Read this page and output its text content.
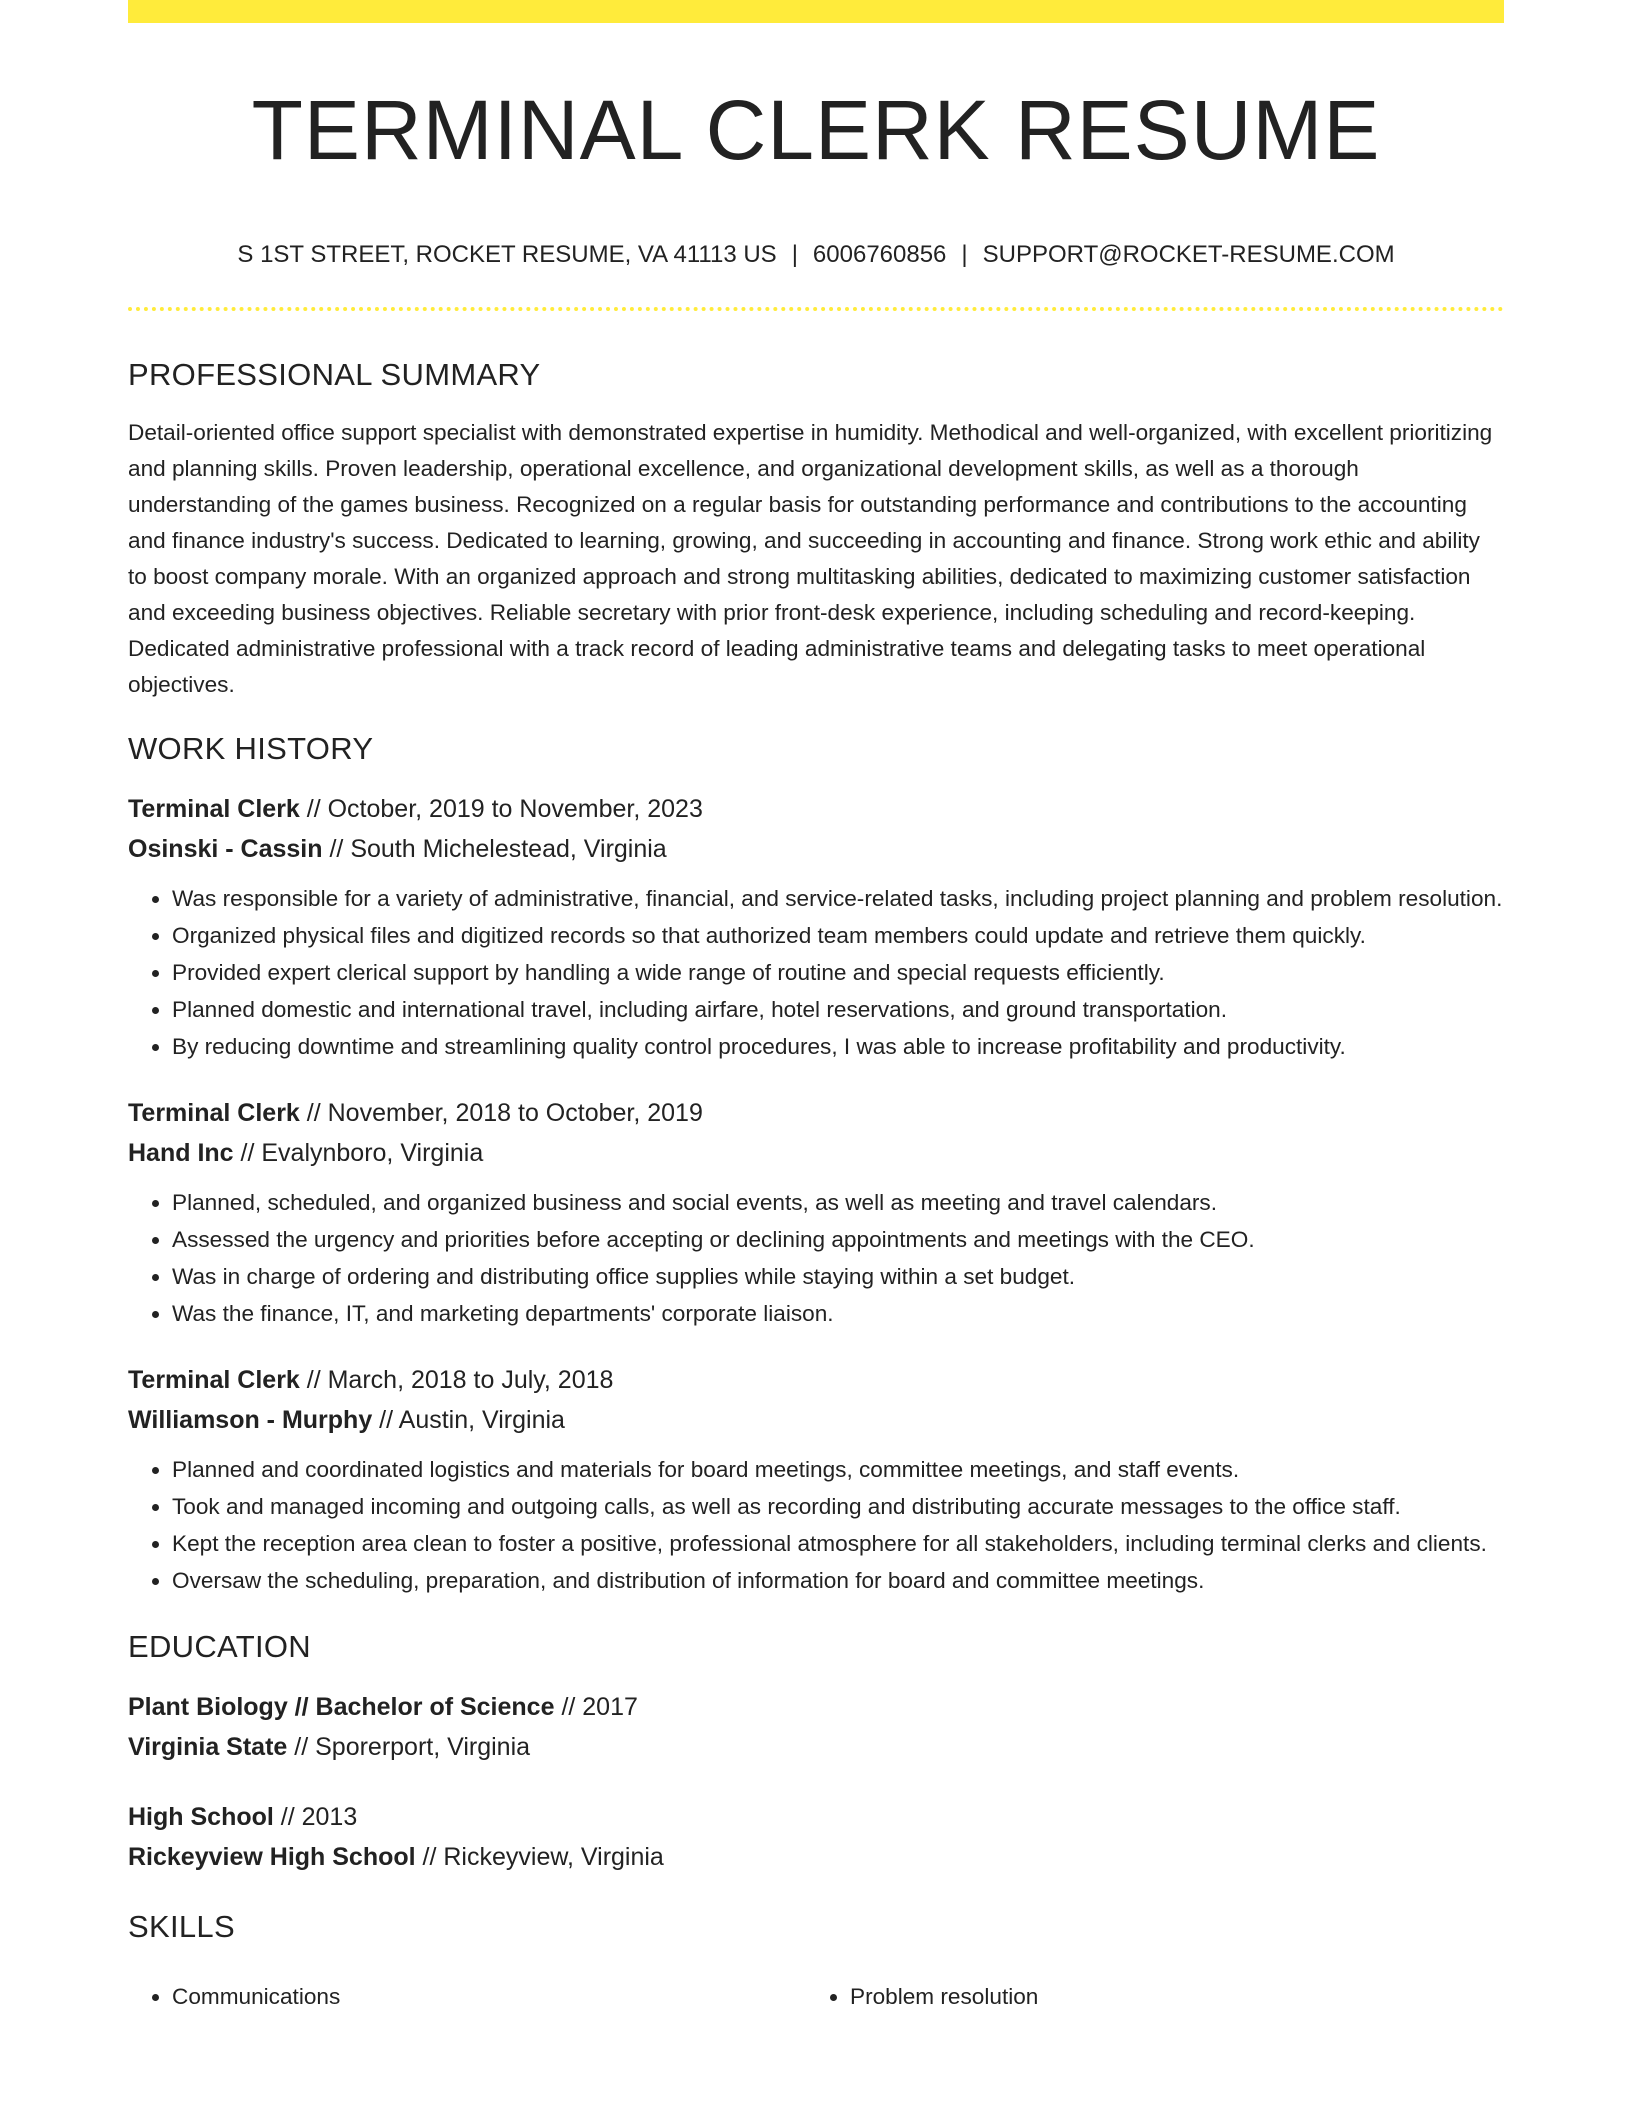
TERMINAL CLERK RESUME
S 1ST STREET, ROCKET RESUME, VA 41113 US | 6006760856 | SUPPORT@ROCKET-RESUME.COM
PROFESSIONAL SUMMARY

Detail-oriented office support specialist with demonstrated expertise in humidity. Methodical and well-organized, with excellent prioritizing and planning skills. Proven leadership, operational excellence, and organizational development skills, as well as a thorough understanding of the games business. Recognized on a regular basis for outstanding performance and contributions to the accounting and finance industry's success. Dedicated to learning, growing, and succeeding in accounting and finance. Strong work ethic and ability to boost company morale. With an organized approach and strong multitasking abilities, dedicated to maximizing customer satisfaction and exceeding business objectives. Reliable secretary with prior front-desk experience, including scheduling and record-keeping. Dedicated administrative professional with a track record of leading administrative teams and delegating tasks to meet operational objectives.

WORK HISTORY
Terminal Clerk // October, 2019 to November, 2023
Osinski - Cassin // South Michelestead, Virginia
• Was responsible for a variety of administrative, financial, and service-related tasks, including project planning and problem resolution.
• Organized physical files and digitized records so that authorized team members could update and retrieve them quickly.
• Provided expert clerical support by handling a wide range of routine and special requests efficiently.
• Planned domestic and international travel, including airfare, hotel reservations, and ground transportation.
• By reducing downtime and streamlining quality control procedures, I was able to increase profitability and productivity.
Terminal Clerk // November, 2018 to October, 2019
Hand Inc // Evalynboro, Virginia
• Planned, scheduled, and organized business and social events, as well as meeting and travel calendars.
• Assessed the urgency and priorities before accepting or declining appointments and meetings with the CEO.
• Was in charge of ordering and distributing office supplies while staying within a set budget.
• Was the finance, IT, and marketing departments' corporate liaison.
Terminal Clerk // March, 2018 to July, 2018
Williamson - Murphy // Austin, Virginia
• Planned and coordinated logistics and materials for board meetings, committee meetings, and staff events.
• Took and managed incoming and outgoing calls, as well as recording and distributing accurate messages to the office staff.
• Kept the reception area clean to foster a positive, professional atmosphere for all stakeholders, including terminal clerks and clients.
• Oversaw the scheduling, preparation, and distribution of information for board and committee meetings.
EDUCATION
Plant Biology // Bachelor of Science // 2017
Virginia State // Sporerport, Virginia
High School // 2013
Rickeyview High School // Rickeyview, Virginia
SKILLS
• Communications
•	Problem resolution
